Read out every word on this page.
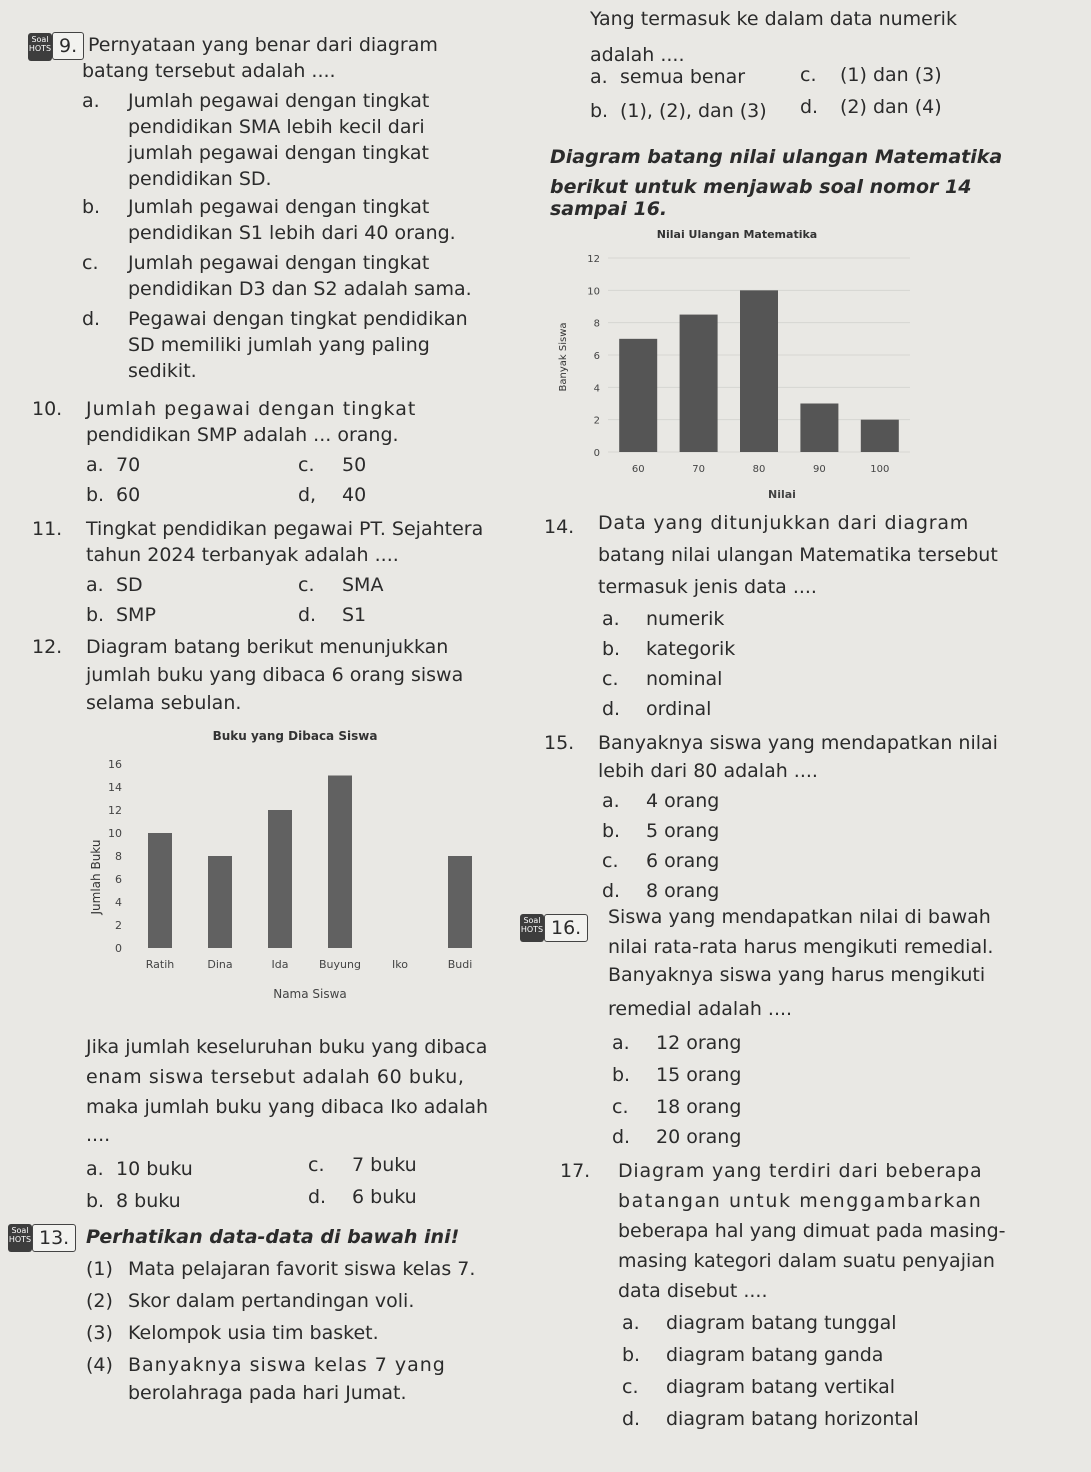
Soal
HOTS 9. Pernyataan yang benar dari diagram
batang tersebut adalah ....
a. Jumlah pegawai dengan tingkat
pendidikan SMA lebih kecil dari
jumlah pegawai dengan tingkat
pendidikan SD.
b. Jumlah pegawai dengan tingkat
pendidikan S1 lebih dari 40 orang.
c. Jumlah pegawai dengan tingkat
pendidikan D3 dan S2 adalah sama.
d. Pegawai dengan tingkat pendidikan
SD memiliki jumlah yang paling
sedikit.
10. Jumlah pegawai dengan tingkat
pendidikan SMP adalah ... orang.
a. 70	c. 50
b. 60	d, 40
11. Tingkat pendidikan pegawai PT. Sejahtera
tahun 2024 terbanyak adalah ....
a. SD	c. SMA
b. SMP	d. S1
12. Diagram batang berikut menunjukkan
jumlah buku yang dibaca 6 orang siswa
selama sebulan.
Buku yang Dibaca Siswa
0
2
4
6
8
10
12
14
16
Ratih	Dina	Ida	Buyung	Iko	Budi
Jumlah Buku
Nama Siswa
Jika jumlah keseluruhan buku yang dibaca
enam siswa tersebut adalah 60 buku,
maka jumlah buku yang dibaca Iko adalah
....
a. 10 buku	c. 7 buku
b. 8 buku	d. 6 buku
Soal
HOTS 13. Perhatikan data-data di bawah ini!
(1) Mata pelajaran favorit siswa kelas 7.
(2) Skor dalam pertandingan voli.
(3) Kelompok usia tim basket.
(4) Banyaknya siswa kelas 7 yang
berolahraga pada hari Jumat.
Yang termasuk ke dalam data numerik
adalah ....
a. semua benar	c. (1) dan (3)
b. (1), (2), dan (3) d. (2) dan (4)
Diagram batang nilai ulangan Matematika
berikut untuk menjawab soal nomor 14
sampai 16.
Nilai Ulangan Matematika
0
2
4
6
8
10
12
60	70	80	90	100
Banyak Siswa
Nilai
14. Data yang ditunjukkan dari diagram
batang nilai ulangan Matematika tersebut
termasuk jenis data ....
a. numerik
b. kategorik
c. nominal
d. ordinal
15. Banyaknya siswa yang mendapatkan nilai
lebih dari 80 adalah ....
a. 4 orang
b. 5 orang
c. 6 orang
d. 8 orang
Soal
HOTS 16.	Siswa yang mendapatkan nilai di bawah
nilai rata-rata harus mengikuti remedial.
Banyaknya siswa yang harus mengikuti
remedial adalah ....
a. 12 orang
b. 15 orang
c. 18 orang
d. 20 orang
17. Diagram yang terdiri dari beberapa
batangan untuk menggambarkan
beberapa hal yang dimuat pada masing-
masing kategori dalam suatu penyajian
data disebut ....
a. diagram batang tunggal
b. diagram batang ganda
c. diagram batang vertikal
d. diagram batang horizontal
